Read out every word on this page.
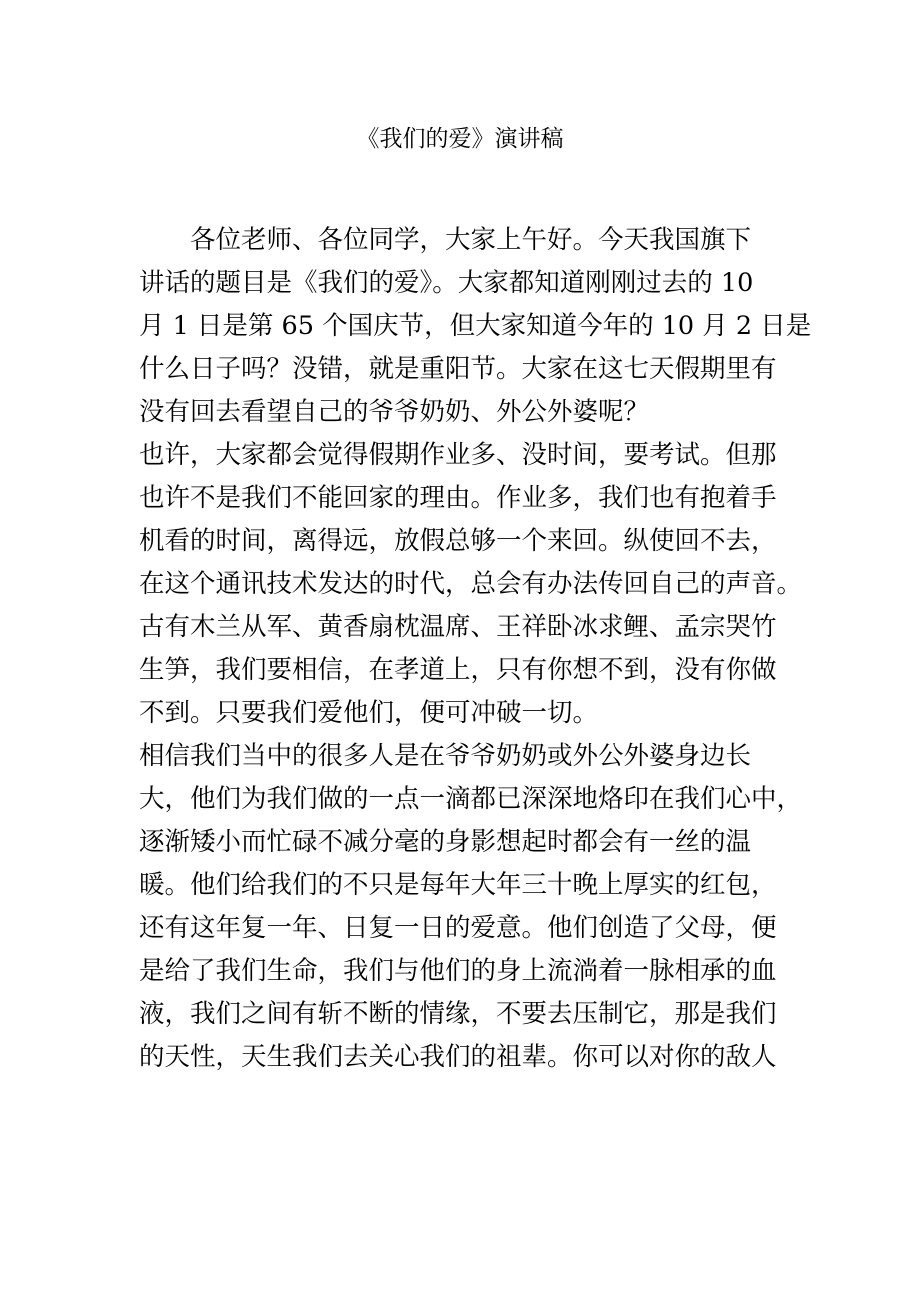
《我们的爱》演讲稿
各位老师、各位同学，大家上午好。今天我国旗下
讲话的题目是《我们的爱》。大家都知道刚刚过去的 10
月 1 日是第 65 个国庆节，但大家知道今年的 10 月 2 日是
什么日子吗？没错，就是重阳节。大家在这七天假期里有
没有回去看望自己的爷爷奶奶、外公外婆呢？
也许，大家都会觉得假期作业多、没时间，要考试。但那
也许不是我们不能回家的理由。作业多，我们也有抱着手
机看的时间，离得远，放假总够一个来回。纵使回不去，
在这个通讯技术发达的时代，总会有办法传回自己的声音。
古有木兰从军、黄香扇枕温席、王祥卧冰求鲤、孟宗哭竹
生笋，我们要相信，在孝道上，只有你想不到，没有你做
不到。只要我们爱他们，便可冲破一切。
相信我们当中的很多人是在爷爷奶奶或外公外婆身边长
大，他们为我们做的一点一滴都已深深地烙印在我们心中，
逐渐矮小而忙碌不减分毫的身影想起时都会有一丝的温
暖。他们给我们的不只是每年大年三十晚上厚实的红包，
还有这年复一年、日复一日的爱意。他们创造了父母，便
是给了我们生命，我们与他们的身上流淌着一脉相承的血
液，我们之间有斩不断的情缘，不要去压制它，那是我们
的天性，天生我们去关心我们的祖辈。你可以对你的敌人
